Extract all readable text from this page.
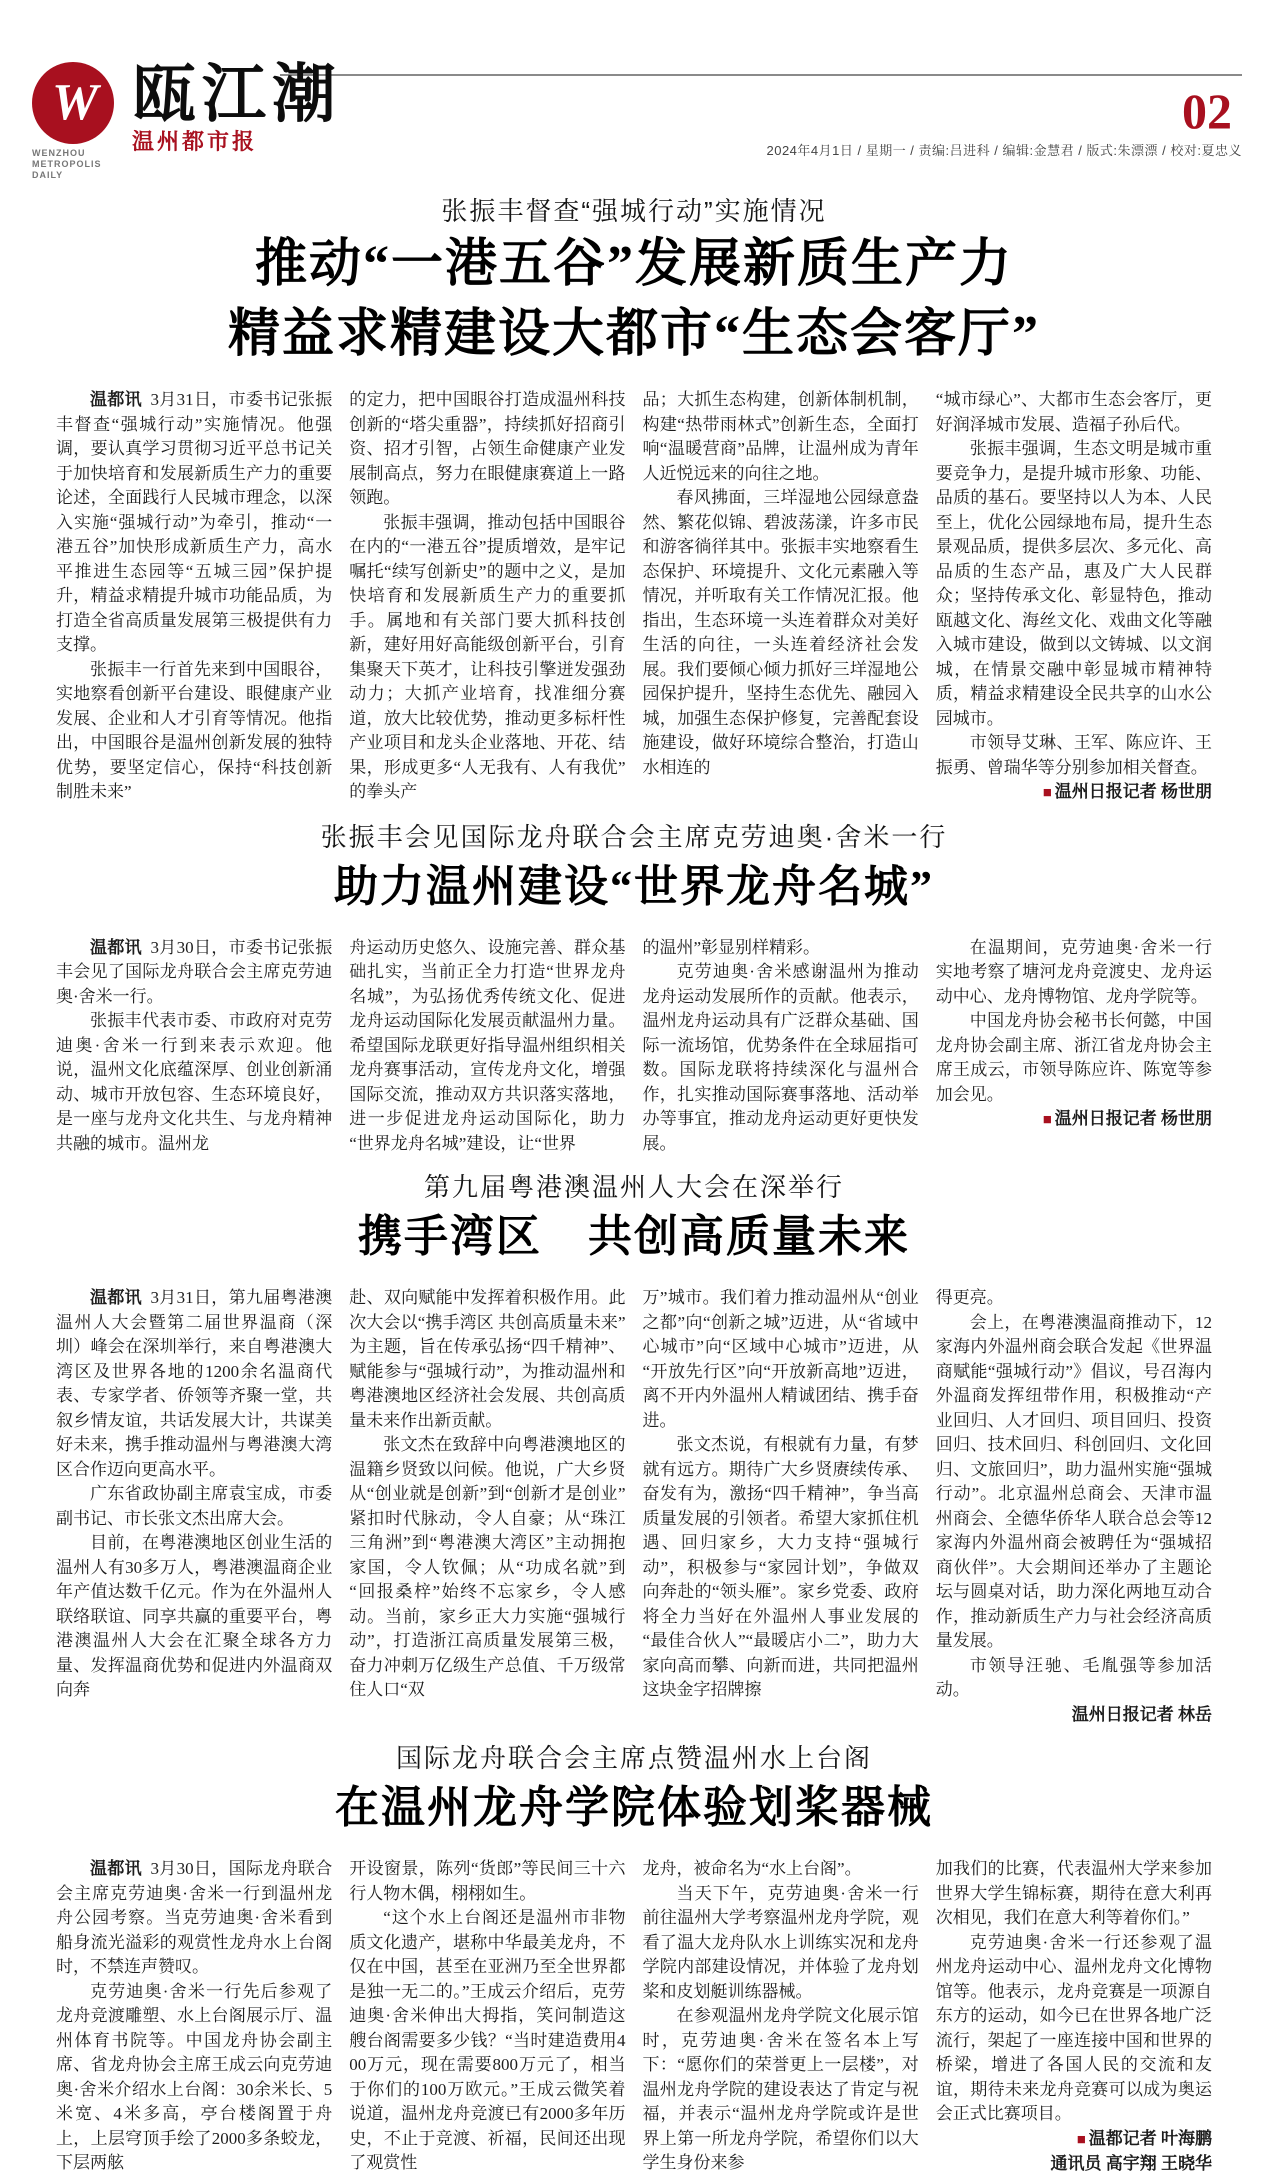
W
WENZHOU METROPOLIS DAILY
瓯江潮
温州都市报
02
2024年4月1日 / 星期一 / 责编:吕进科 / 编辑:金慧君 / 版式:朱漂漂 / 校对:夏忠义

张振丰督查“强城行动”实施情况

推动“一港五谷”发展新质生产力
精益求精建设大都市“生态会客厅”

温都讯 3月31日，市委书记张振丰督查“强城行动”实施情况。他强调，要认真学习贯彻习近平总书记关于加快培育和发展新质生产力的重要论述，全面践行人民城市理念，以深入实施“强城行动”为牵引，推动“一港五谷”加快形成新质生产力，高水平推进生态园等“五城三园”保护提升，精益求精提升城市功能品质，为打造全省高质量发展第三极提供有力支撑。

张振丰一行首先来到中国眼谷，实地察看创新平台建设、眼健康产业发展、企业和人才引育等情况。他指出，中国眼谷是温州创新发展的独特优势，要坚定信心，保持“科技创新制胜未来”

的定力，把中国眼谷打造成温州科技创新的“塔尖重器”，持续抓好招商引资、招才引智，占领生命健康产业发展制高点，努力在眼健康赛道上一路领跑。

张振丰强调，推动包括中国眼谷在内的“一港五谷”提质增效，是牢记嘱托“续写创新史”的题中之义，是加快培育和发展新质生产力的重要抓手。属地和有关部门要大抓科技创新，建好用好高能级创新平台，引育集聚天下英才，让科技引擎迸发强劲动力；大抓产业培育，找准细分赛道，放大比较优势，推动更多标杆性产业项目和龙头企业落地、开花、结果，形成更多“人无我有、人有我优”的拳头产

品；大抓生态构建，创新体制机制，构建“热带雨林式”创新生态，全面打响“温暖营商”品牌，让温州成为青年人近悦远来的向往之地。

春风拂面，三垟湿地公园绿意盎然、繁花似锦、碧波荡漾，许多市民和游客徜徉其中。张振丰实地察看生态保护、环境提升、文化元素融入等情况，并听取有关工作情况汇报。他指出，生态环境一头连着群众对美好生活的向往，一头连着经济社会发展。我们要倾心倾力抓好三垟湿地公园保护提升，坚持生态优先、融园入城，加强生态保护修复，完善配套设施建设，做好环境综合整治，打造山水相连的

“城市绿心”、大都市生态会客厅，更好润泽城市发展、造福子孙后代。

张振丰强调，生态文明是城市重要竞争力，是提升城市形象、功能、品质的基石。要坚持以人为本、人民至上，优化公园绿地布局，提升生态景观品质，提供多层次、多元化、高品质的生态产品，惠及广大人民群众；坚持传承文化、彰显特色，推动瓯越文化、海丝文化、戏曲文化等融入城市建设，做到以文铸城、以文润城，在情景交融中彰显城市精神特质，精益求精建设全民共享的山水公园城市。

市领导艾琳、王军、陈应许、王振勇、曾瑞华等分别参加相关督查。

■ 温州日报记者 杨世朋

张振丰会见国际龙舟联合会主席克劳迪奥·舍米一行

助力温州建设“世界龙舟名城”

温都讯 3月30日，市委书记张振丰会见了国际龙舟联合会主席克劳迪奥·舍米一行。

张振丰代表市委、市政府对克劳迪奥·舍米一行到来表示欢迎。他说，温州文化底蕴深厚、创业创新涌动、城市开放包容、生态环境良好，是一座与龙舟文化共生、与龙舟精神共融的城市。温州龙

舟运动历史悠久、设施完善、群众基础扎实，当前正全力打造“世界龙舟名城”，为弘扬优秀传统文化、促进龙舟运动国际化发展贡献温州力量。希望国际龙联更好指导温州组织相关龙舟赛事活动，宣传龙舟文化，增强国际交流，推动双方共识落实落地，进一步促进龙舟运动国际化，助力“世界龙舟名城”建设，让“世界

的温州”彰显别样精彩。

克劳迪奥·舍米感谢温州为推动龙舟运动发展所作的贡献。他表示，温州龙舟运动具有广泛群众基础、国际一流场馆，优势条件在全球屈指可数。国际龙联将持续深化与温州合作，扎实推动国际赛事落地、活动举办等事宜，推动龙舟运动更好更快发展。

在温期间，克劳迪奥·舍米一行实地考察了塘河龙舟竞渡史、龙舟运动中心、龙舟博物馆、龙舟学院等。

中国龙舟协会秘书长何懿，中国龙舟协会副主席、浙江省龙舟协会主席王成云，市领导陈应许、陈宽等参加会见。

■ 温州日报记者 杨世朋

第九届粤港澳温州人大会在深举行

携手湾区　共创高质量未来

温都讯 3月31日，第九届粤港澳温州人大会暨第二届世界温商（深圳）峰会在深圳举行，来自粤港澳大湾区及世界各地的1200余名温商代表、专家学者、侨领等齐聚一堂，共叙乡情友谊，共话发展大计，共谋美好未来，携手推动温州与粤港澳大湾区合作迈向更高水平。

广东省政协副主席袁宝成，市委副书记、市长张文杰出席大会。

目前，在粤港澳地区创业生活的温州人有30多万人，粤港澳温商企业年产值达数千亿元。作为在外温州人联络联谊、同享共赢的重要平台，粤港澳温州人大会在汇聚全球各方力量、发挥温商优势和促进内外温商双向奔

赴、双向赋能中发挥着积极作用。此次大会以“携手湾区 共创高质量未来”为主题，旨在传承弘扬“四千精神”、赋能参与“强城行动”，为推动温州和粤港澳地区经济社会发展、共创高质量未来作出新贡献。

张文杰在致辞中向粤港澳地区的温籍乡贤致以问候。他说，广大乡贤从“创业就是创新”到“创新才是创业”紧扣时代脉动，令人自豪；从“珠江三角洲”到“粤港澳大湾区”主动拥抱家国，令人钦佩；从“功成名就”到“回报桑梓”始终不忘家乡，令人感动。当前，家乡正大力实施“强城行动”，打造浙江高质量发展第三极，奋力冲刺万亿级生产总值、千万级常住人口“双

万”城市。我们着力推动温州从“创业之都”向“创新之城”迈进，从“省域中心城市”向“区域中心城市”迈进，从“开放先行区”向“开放新高地”迈进，离不开内外温州人精诚团结、携手奋进。

张文杰说，有根就有力量，有梦就有远方。期待广大乡贤赓续传承、奋发有为，激扬“四千精神”，争当高质量发展的引领者。希望大家抓住机遇、回归家乡，大力支持“强城行动”，积极参与“家园计划”，争做双向奔赴的“领头雁”。家乡党委、政府将全力当好在外温州人事业发展的“最佳合伙人”“最暖店小二”，助力大家向高而攀、向新而进，共同把温州这块金字招牌擦

得更亮。

会上，在粤港澳温商推动下，12家海内外温州商会联合发起《世界温商赋能“强城行动”》倡议，号召海内外温商发挥纽带作用，积极推动“产业回归、人才回归、项目回归、投资回归、技术回归、科创回归、文化回归、文旅回归”，助力温州实施“强城行动”。北京温州总商会、天津市温州商会、全德华侨华人联合总会等12家海内外温州商会被聘任为“强城招商伙伴”。大会期间还举办了主题论坛与圆桌对话，助力深化两地互动合作，推动新质生产力与社会经济高质量发展。

市领导汪驰、毛胤强等参加活动。

温州日报记者 林岳

国际龙舟联合会主席点赞温州水上台阁

在温州龙舟学院体验划桨器械

温都讯 3月30日，国际龙舟联合会主席克劳迪奥·舍米一行到温州龙舟公园考察。当克劳迪奥·舍米看到船身流光溢彩的观赏性龙舟水上台阁时，不禁连声赞叹。

克劳迪奥·舍米一行先后参观了龙舟竞渡雕塑、水上台阁展示厅、温州体育书院等。中国龙舟协会副主席、省龙舟协会主席王成云向克劳迪奥·舍米介绍水上台阁：30余米长、5米宽、4米多高，亭台楼阁置于舟上，上层穹顶手绘了2000多条蛟龙，下层两舷

开设窗景，陈列“货郎”等民间三十六行人物木偶，栩栩如生。

“这个水上台阁还是温州市非物质文化遗产，堪称中华最美龙舟，不仅在中国，甚至在亚洲乃至全世界都是独一无二的。”王成云介绍后，克劳迪奥·舍米伸出大拇指，笑问制造这艘台阁需要多少钱？“当时建造费用400万元，现在需要800万元了，相当于你们的100万欧元。”王成云微笑着说道，温州龙舟竞渡已有2000多年历史，不止于竞渡、祈福，民间还出现了观赏性

龙舟，被命名为“水上台阁”。

当天下午，克劳迪奥·舍米一行前往温州大学考察温州龙舟学院，观看了温大龙舟队水上训练实况和龙舟学院内部建设情况，并体验了龙舟划桨和皮划艇训练器械。

在参观温州龙舟学院文化展示馆时，克劳迪奥·舍米在签名本上写下：“愿你们的荣誉更上一层楼”，对温州龙舟学院的建设表达了肯定与祝福，并表示“温州龙舟学院或许是世界上第一所龙舟学院，希望你们以大学生身份来参

加我们的比赛，代表温州大学来参加世界大学生锦标赛，期待在意大利再次相见，我们在意大利等着你们。”

克劳迪奥·舍米一行还参观了温州龙舟运动中心、温州龙舟文化博物馆等。他表示，龙舟竞赛是一项源自东方的运动，如今已在世界各地广泛流行，架起了一座连接中国和世界的桥梁，增进了各国人民的交流和友谊，期待未来龙舟竞赛可以成为奥运会正式比赛项目。

■ 温都记者 叶海鹏

通讯员 高宇翔 王晓华
